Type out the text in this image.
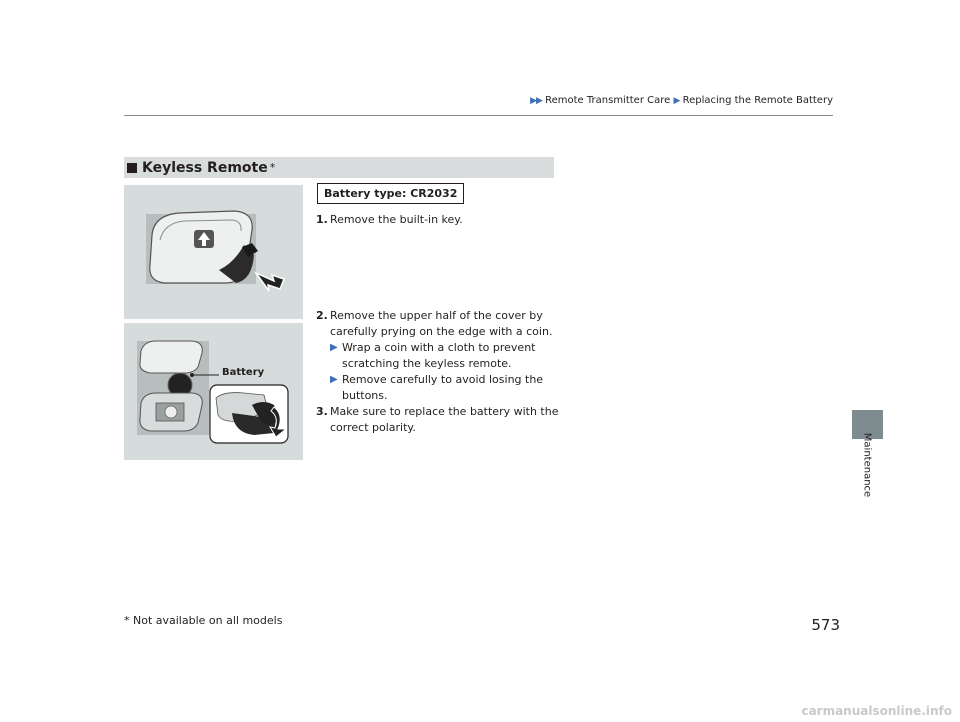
▶▶ Remote Transmitter Care ▶ Replacing the Remote Battery
Maintenance
Keyless Remote *
Battery
Battery type: CR2032
1. Remove the built-in key.
2. Remove the upper half of the cover by carefully prying on the edge with a coin.
▶ Wrap a coin with a cloth to prevent scratching the keyless remote.
▶ Remove carefully to avoid losing the buttons.
3. Make sure to replace the battery with the correct polarity.
* Not available on all models	573
carmanualsonline.info
